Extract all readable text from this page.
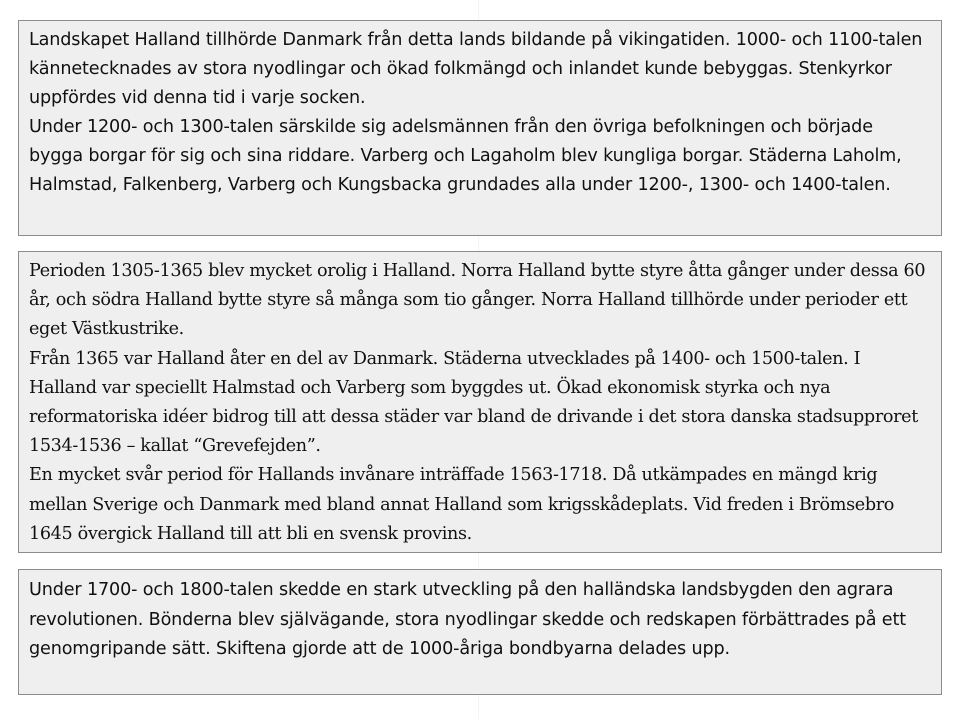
Landskapet Halland tillhörde Danmark från detta lands bildande på vikingatiden. 1000- och 1100-talen kännetecknades av stora nyodlingar och ökad folkmängd och inlandet kunde bebyggas. Stenkyrkor uppfördes vid denna tid i varje socken.

Under 1200- och 1300-talen särskilde sig adelsmännen från den övriga befolkningen och började bygga borgar för sig och sina riddare. Varberg och Lagaholm blev kungliga borgar. Städerna Laholm, Halmstad, Falkenberg, Varberg och Kungsbacka grundades alla under 1200-, 1300- och 1400-talen.

Perioden 1305-1365 blev mycket orolig i Halland. Norra Halland bytte styre åtta gånger under dessa 60 år, och södra Halland bytte styre så många som tio gånger. Norra Halland tillhörde under perioder ett eget Västkustrike.

Från 1365 var Halland åter en del av Danmark. Städerna utvecklades på 1400- och 1500-talen. I Halland var speciellt Halmstad och Varberg som byggdes ut. Ökad ekonomisk styrka och nya reformatoriska idéer bidrog till att dessa städer var bland de drivande i det stora danska stadsupproret 1534-1536 – kallat “Grevefejden”.

En mycket svår period för Hallands invånare inträffade 1563-1718. Då utkämpades en mängd krig mellan Sverige och Danmark med bland annat Halland som krigsskådeplats. Vid freden i Brömsebro 1645 övergick Halland till att bli en svensk provins.

Under 1700- och 1800-talen skedde en stark utveckling på den halländska landsbygden den agrara revolutionen. Bönderna blev självägande, stora nyodlingar skedde och redskapen förbättrades på ett genomgripande sätt. Skiftena gjorde att de 1000-åriga bondbyarna delades upp.
